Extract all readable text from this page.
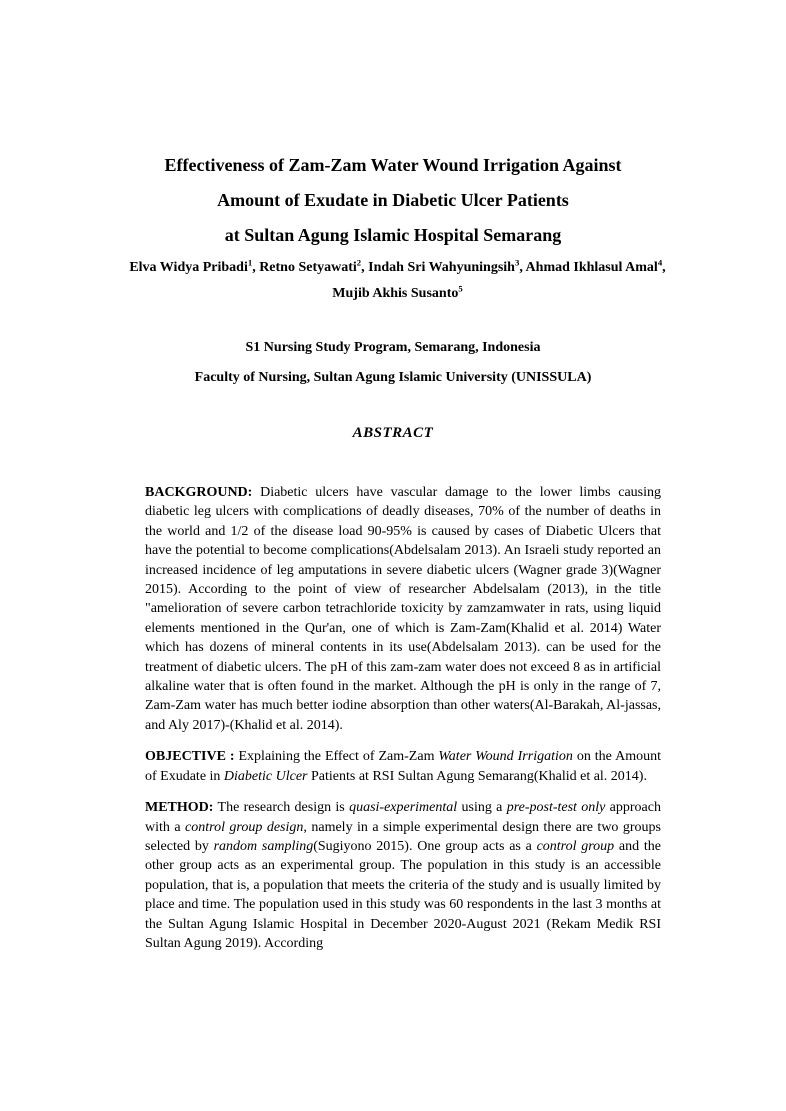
Effectiveness of Zam-Zam Water Wound Irrigation Against
Amount of Exudate in Diabetic Ulcer Patients
at Sultan Agung Islamic Hospital Semarang
Elva Widya Pribadi$^1$, Retno Setyawati$^2$, Indah Sri Wahyuningsih$^3$, Ahmad Ikhlasul Amal$^4$, Mujib Akhis Susanto$^5$
S1 Nursing Study Program, Semarang, Indonesia
Faculty of Nursing, Sultan Agung Islamic University (UNISSULA)
ABSTRACT

BACKGROUND: Diabetic ulcers have vascular damage to the lower limbs causing diabetic leg ulcers with complications of deadly diseases, 70% of the number of deaths in the world and 1/2 of the disease load 90-95% is caused by cases of Diabetic Ulcers that have the potential to become complications(Abdelsalam 2013). An Israeli study reported an increased incidence of leg amputations in severe diabetic ulcers (Wagner grade 3)(Wagner 2015). According to the point of view of researcher Abdelsalam (2013), in the title "amelioration of severe carbon tetrachloride toxicity by zamzamwater in rats, using liquid elements mentioned in the Qur'an, one of which is Zam-Zam(Khalid et al. 2014) Water which has dozens of mineral contents in its use(Abdelsalam 2013). can be used for the treatment of diabetic ulcers. The pH of this zam-zam water does not exceed 8 as in artificial alkaline water that is often found in the market. Although the pH is only in the range of 7, Zam-Zam water has much better iodine absorption than other waters(Al-Barakah, Al-jassas, and Aly 2017)-(Khalid et al. 2014).

OBJECTIVE : Explaining the Effect of Zam-Zam Water Wound Irrigation on the Amount of Exudate in Diabetic Ulcer Patients at RSI Sultan Agung Semarang(Khalid et al. 2014).

METHOD: The research design is quasi-experimental using a pre-post-test only approach with a control group design, namely in a simple experimental design there are two groups selected by random sampling(Sugiyono 2015). One group acts as a control group and the other group acts as an experimental group. The population in this study is an accessible population, that is, a population that meets the criteria of the study and is usually limited by place and time. The population used in this study was 60 respondents in the last 3 months at the Sultan Agung Islamic Hospital in December 2020-August 2021 (Rekam Medik RSI Sultan Agung 2019). According
